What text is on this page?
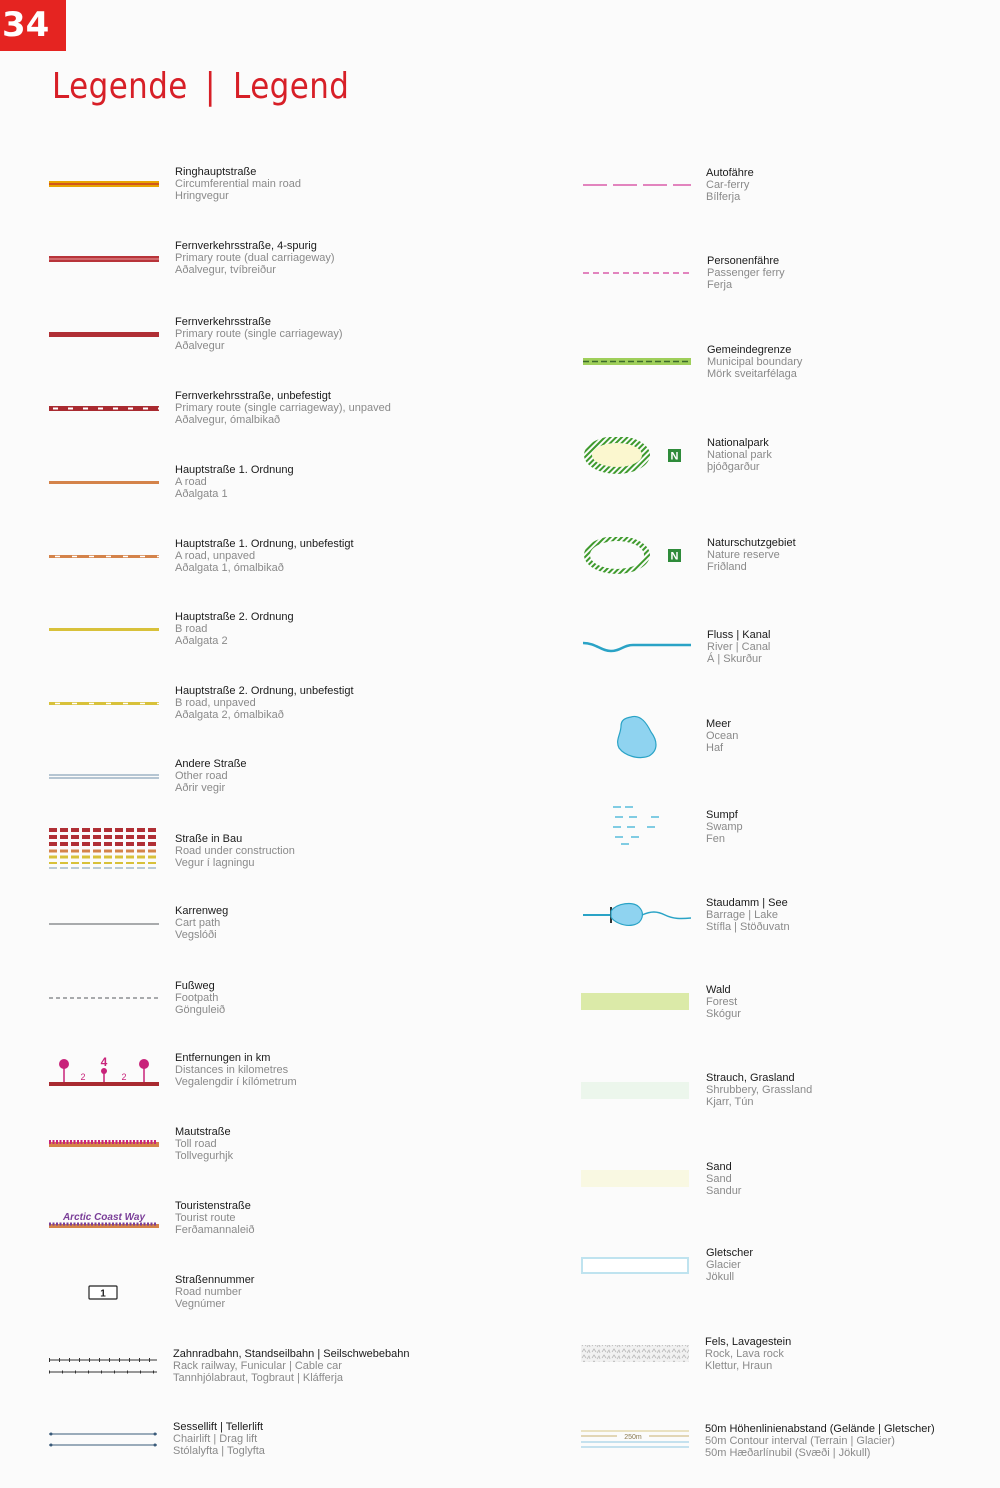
34
Legende | Legend
Ringhauptstraße
Circumferential main road
Hringvegur
Fernverkehrsstraße, 4-spurig
Primary route (dual carriageway)
Aðalvegur, tvíbreiður
Fernverkehrsstraße
Primary route (single carriageway)
Aðalvegur
Fernverkehrsstraße, unbefestigt
Primary route (single carriageway), unpaved
Aðalvegur, ómalbikað
Hauptstraße 1. Ordnung
A road
Aðalgata 1
Hauptstraße 1. Ordnung, unbefestigt
A road, unpaved
Aðalgata 1, ómalbikað
Hauptstraße 2. Ordnung
B road
Aðalgata 2
Hauptstraße 2. Ordnung, unbefestigt
B road, unpaved
Aðalgata 2, ómalbikað
Andere Straße
Other road
Aðrir vegir
Straße in Bau
Road under construction
Vegur í lagningu
Karrenweg
Cart path
Vegslóði
Fußweg
Footpath
Gönguleið
4
2	2
Entfernungen in km
Distances in kilometres
Vegalengdir í kílómetrum
Mautstraße
Toll road
Tollvegurhjk
Arctic Coast Way
Touristenstraße
Tourist route
Ferðamannaleið
1
Straßennummer
Road number
Vegnúmer
Zahnradbahn, Standseilbahn | Seilschwebebahn
Rack railway, Funicular | Cable car
Tannhjólabraut, Togbraut | Kláfferja
Sessellift | Tellerlift
Chairlift | Drag lift
Stólalyfta | Toglyfta
Autofähre
Car-ferry
Bílferja
Personenfähre
Passenger ferry
Ferja
Gemeindegrenze
Municipal boundary
Mörk sveitarfélaga
N
Nationalpark
National park
þjóðgarður
N
Naturschutzgebiet
Nature reserve
Friðland
Fluss | Kanal
River | Canal
Á | Skurður
Meer
Ocean
Haf
Sumpf
Swamp
Fen
Staudamm | See
Barrage | Lake
Stífla | Stöðuvatn
Wald
Forest
Skógur
Strauch, Grasland
Shrubbery, Grassland
Kjarr, Tún
Sand
Sand
Sandur
Gletscher
Glacier
Jökull
Fels, Lavagestein
Rock, Lava rock
Klettur, Hraun
250m
50m Höhenlinienabstand (Gelände | Gletscher)
50m Contour interval (Terrain | Glacier)
50m Hæðarlínubil (Svæði | Jökull)
